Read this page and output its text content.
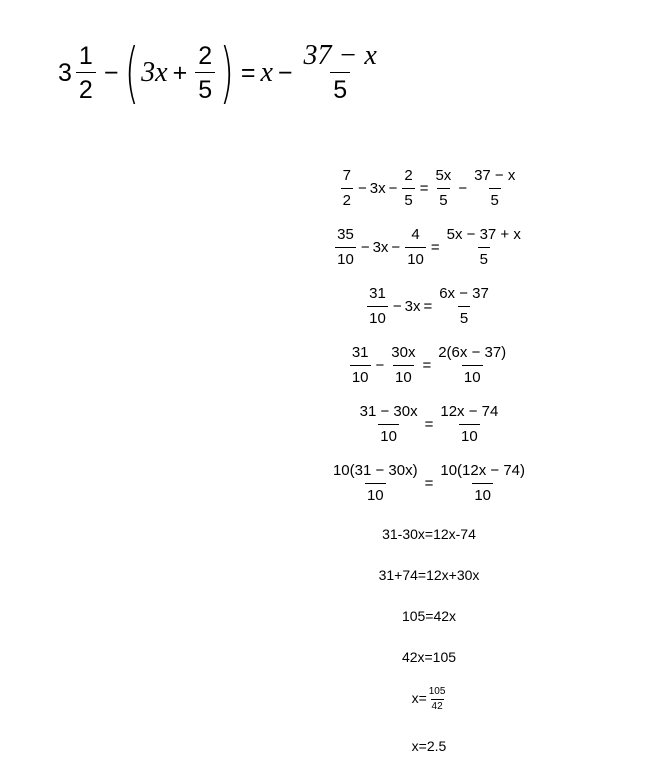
$3 \frac{1}{2}$ − ( $3x + \frac{2}{5}$ ) = $x - \frac{37 - x}{5}$
$\frac{7}{2} - 3x - \frac{2}{5} = \frac{5x}{5} - \frac{37 - x}{5}$
$\frac{35}{10} - 3x - \frac{4}{10} = \frac{5x - 37 + x}{5}$
$\frac{31}{10} - 3x = \frac{6x - 37}{5}$
$\frac{31}{10} - \frac{30x}{10} = \frac{2(6x - 37)}{10}$
$\frac{31 - 30x}{10} = \frac{12x - 74}{10}$
$\frac{10(31 - 30x)}{10} = \frac{10(12x - 74)}{10}$
31-30x=12x-74
31+74=12x+30x
105=42x
42x=105
$x= \frac{105}{42}$
x=2.5
